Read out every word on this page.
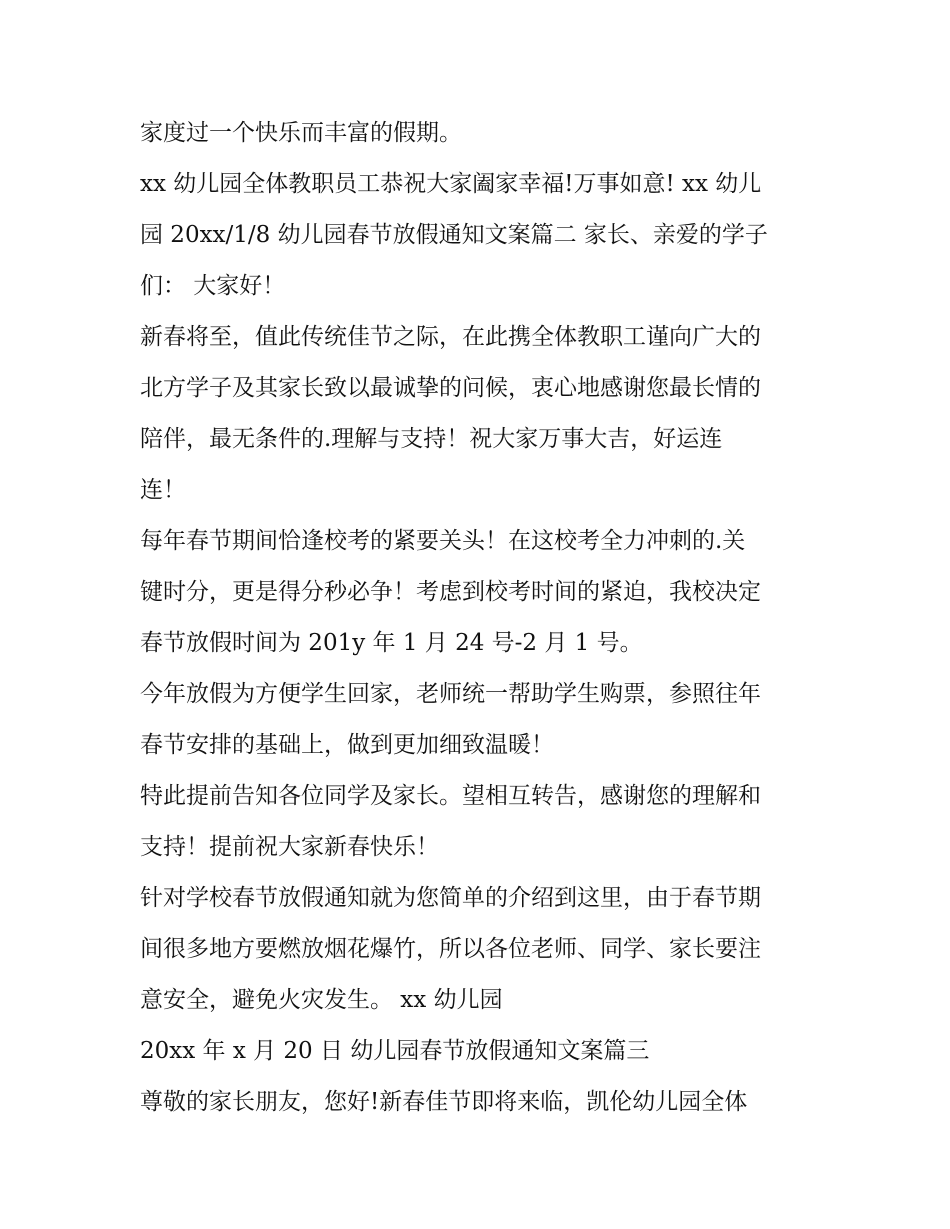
家度过一个快乐而丰富的假期。
xx 幼儿园全体教职员工恭祝大家阖家幸福!万事如意! xx 幼儿
园 20xx/1/8 幼儿园春节放假通知文案篇二 家长、亲爱的学子
们： 大家好！
新春将至，值此传统佳节之际，在此携全体教职工谨向广大的
北方学子及其家长致以最诚挚的问候，衷心地感谢您最长情的
陪伴，最无条件的.理解与支持！祝大家万事大吉，好运连
连！
每年春节期间恰逢校考的紧要关头！在这校考全力冲刺的.关
键时分，更是得分秒必争！考虑到校考时间的紧迫，我校决定
春节放假时间为 201y 年 1 月 24 号-2 月 1 号。
今年放假为方便学生回家，老师统一帮助学生购票，参照往年
春节安排的基础上，做到更加细致温暖！
特此提前告知各位同学及家长。望相互转告，感谢您的理解和
支持！提前祝大家新春快乐！
针对学校春节放假通知就为您简单的介绍到这里，由于春节期
间很多地方要燃放烟花爆竹，所以各位老师、同学、家长要注
意安全，避免火灾发生。 xx 幼儿园
20xx 年 x 月 20 日 幼儿园春节放假通知文案篇三
尊敬的家长朋友，您好!新春佳节即将来临，凯伦幼儿园全体
